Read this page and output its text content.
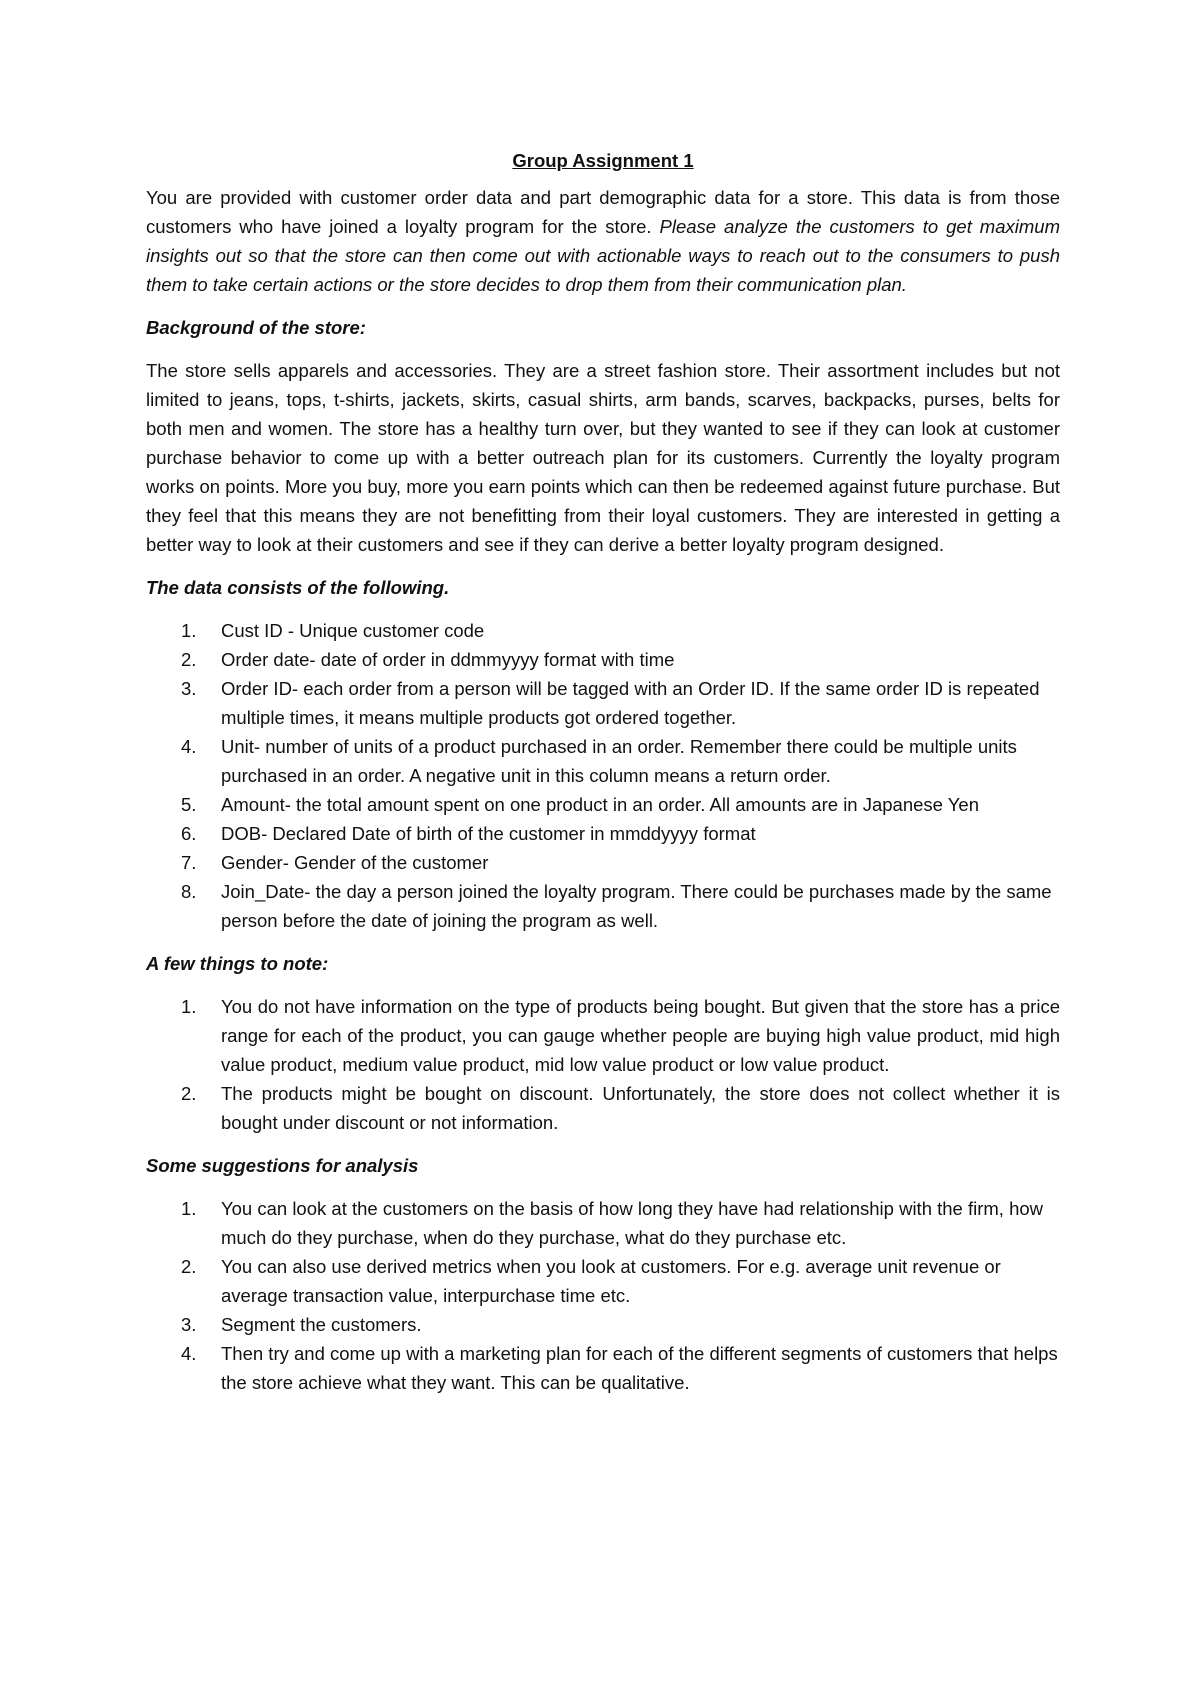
Group Assignment 1

You are provided with customer order data and part demographic data for a store. This data is from those customers who have joined a loyalty program for the store. Please analyze the customers to get maximum insights out so that the store can then come out with actionable ways to reach out to the consumers to push them to take certain actions or the store decides to drop them from their communication plan.

Background of the store:

The store sells apparels and accessories. They are a street fashion store. Their assortment includes but not limited to jeans, tops, t-shirts, jackets, skirts, casual shirts, arm bands, scarves, backpacks, purses, belts for both men and women. The store has a healthy turn over, but they wanted to see if they can look at customer purchase behavior to come up with a better outreach plan for its customers. Currently the loyalty program works on points. More you buy, more you earn points which can then be redeemed against future purchase. But they feel that this means they are not benefitting from their loyal customers. They are interested in getting a better way to look at their customers and see if they can derive a better loyalty program designed.

The data consists of the following.

1. Cust ID - Unique customer code
2. Order date- date of order in ddmmyyyy format with time
3. Order ID- each order from a person will be tagged with an Order ID. If the same order ID is repeated multiple times, it means multiple products got ordered together.
4. Unit- number of units of a product purchased in an order. Remember there could be multiple units purchased in an order. A negative unit in this column means a return order.
5. Amount- the total amount spent on one product in an order. All amounts are in Japanese Yen
6. DOB- Declared Date of birth of the customer in mmddyyyy format
7. Gender- Gender of the customer
8. Join_Date- the day a person joined the loyalty program. There could be purchases made by the same person before the date of joining the program as well.

A few things to note:

1. You do not have information on the type of products being bought. But given that the store has a price range for each of the product, you can gauge whether people are buying high value product, mid high value product, medium value product, mid low value product or low value product.
2. The products might be bought on discount. Unfortunately, the store does not collect whether it is bought under discount or not information.

Some suggestions for analysis

1. You can look at the customers on the basis of how long they have had relationship with the firm, how much do they purchase, when do they purchase, what do they purchase etc.
2. You can also use derived metrics when you look at customers. For e.g. average unit revenue or average transaction value, interpurchase time etc.
3. Segment the customers.
4. Then try and come up with a marketing plan for each of the different segments of customers that helps the store achieve what they want. This can be qualitative.
